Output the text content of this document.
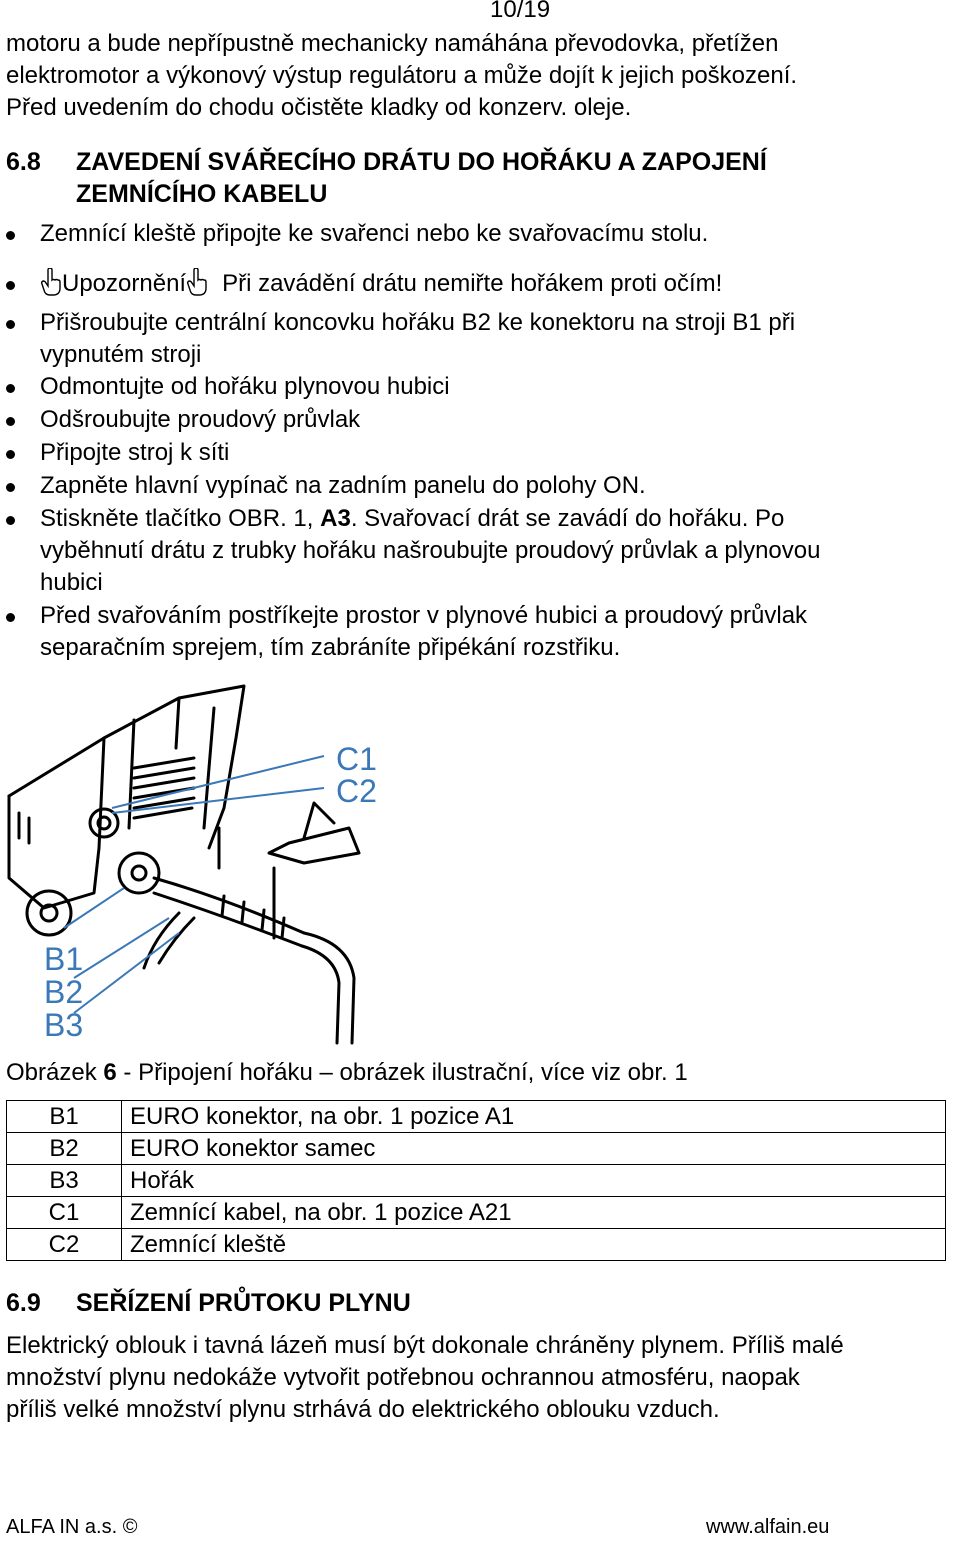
10/19
motoru a bude nepřípustně mechanicky namáhána převodovka, přetížen
elektromotor a výkonový výstup regulátoru a může dojít k jejich poškození.
Před uvedením do chodu očistěte kladky od konzerv. oleje.
6.8 ZAVEDENÍ SVÁŘECÍHO DRÁTU DO HOŘÁKU A ZAPOJENÍ
ZEMNÍCÍHO KABELU
Zemnící kleště připojte ke svařenci nebo ke svařovacímu stolu.
Upozornění Při zavádění drátu nemiřte hořákem proti očím!
Přišroubujte centrální koncovku hořáku B2 ke konektoru na stroji B1 při
vypnutém stroji
Odmontujte od hořáku plynovou hubici
Odšroubujte proudový průvlak
Připojte stroj k síti
Zapněte hlavní vypínač na zadním panelu do polohy ON.
Stiskněte tlačítko OBR. 1, A3. Svařovací drát se zavádí do hořáku. Po
vyběhnutí drátu z trubky hořáku našroubujte proudový průvlak a plynovou
hubici
Před svařováním postříkejte prostor v plynové hubici a proudový průvlak
separačním sprejem, tím zabráníte připékání rozstřiku.
C1
C2
B1
B2
B3
Obrázek 6 - Připojení hořáku – obrázek ilustrační, více viz obr. 1
B1	EURO konektor, na obr. 1 pozice A1
B2	EURO konektor samec
B3	Hořák
C1	Zemnící kabel, na obr. 1 pozice A21
C2	Zemnící kleště
6.9 SEŘÍZENÍ PRŮTOKU PLYNU
Elektrický oblouk i tavná lázeň musí být dokonale chráněny plynem. Příliš malé
množství plynu nedokáže vytvořit potřebnou ochrannou atmosféru, naopak
příliš velké množství plynu strhává do elektrického oblouku vzduch.
ALFA IN a.s. ©	www.alfain.eu
